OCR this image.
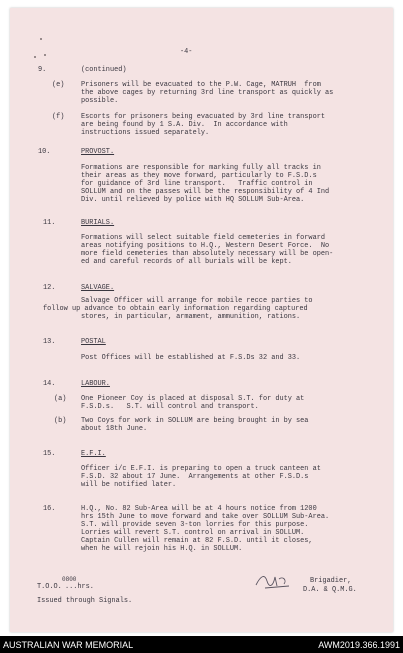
-4-
9.	(continued)
(e) Prisoners will be evacuated to the P.W. Cage, MATRUH  from
the above cages by returning 3rd line transport as quickly as
possible.
(f) Escorts for prisoners being evacuated by 3rd line transport
are being found by 1 S.A. Div.  In accordance with
instructions issued separately.
10.	PROVOST.
Formations are responsible for marking fully all tracks in
their areas as they move forward, particularly to F.S.D.s
for guidance of 3rd line transport.   Traffic control in
SOLLUM and on the passes will be the responsibility of 4 Ind
Div. until relieved by police with HQ SOLLUM Sub-Area.
11.	BURIALS.
Formations will select suitable field cemeteries in forward
areas notifying positions to H.Q., Western Desert Force.  No
more field cemeteries than absolutely necessary will be open-
ed and careful records of all burials will be kept.
12.	SALVAGE.
Salvage Officer will arrange for mobile recce parties to
follow up advance to obtain early information regarding captured
stores, in particular, armament, ammunition, rations.
13.	POSTAL
Post Offices will be established at F.S.Ds 32 and 33.
14.	LABOUR.
(a) One Pioneer Coy is placed at disposal S.T. for duty at
F.S.D.s.   S.T. will control and transport.
(b) Two Coys for work in SOLLUM are being brought in by sea
about 18th June.
15.	E.F.I.
Officer i/c E.F.I. is preparing to open a truck canteen at
F.S.D. 32 about 17 June.  Arrangements at other F.S.D.s
will be notified later.
16.	H.Q., No. 82 Sub-Area will be at 4 hours notice from 1200
hrs 15th June to move forward and take over SOLLUM Sub-Area.
S.T. will provide seven 3-ton lorries for this purpose.
Lorries will revert S.T. control on arrival in SOLLUM.
Captain Cullen will remain at 82 F.S.D. until it closes,
when he will rejoin his H.Q. in SOLLUM.
Brigadier,
D.A. & Q.M.G.
0800
T.O.O. ...hrs.
Issued through Signals.
AUSTRALIAN WAR MEMORIAL	AWM2019.366.1991
